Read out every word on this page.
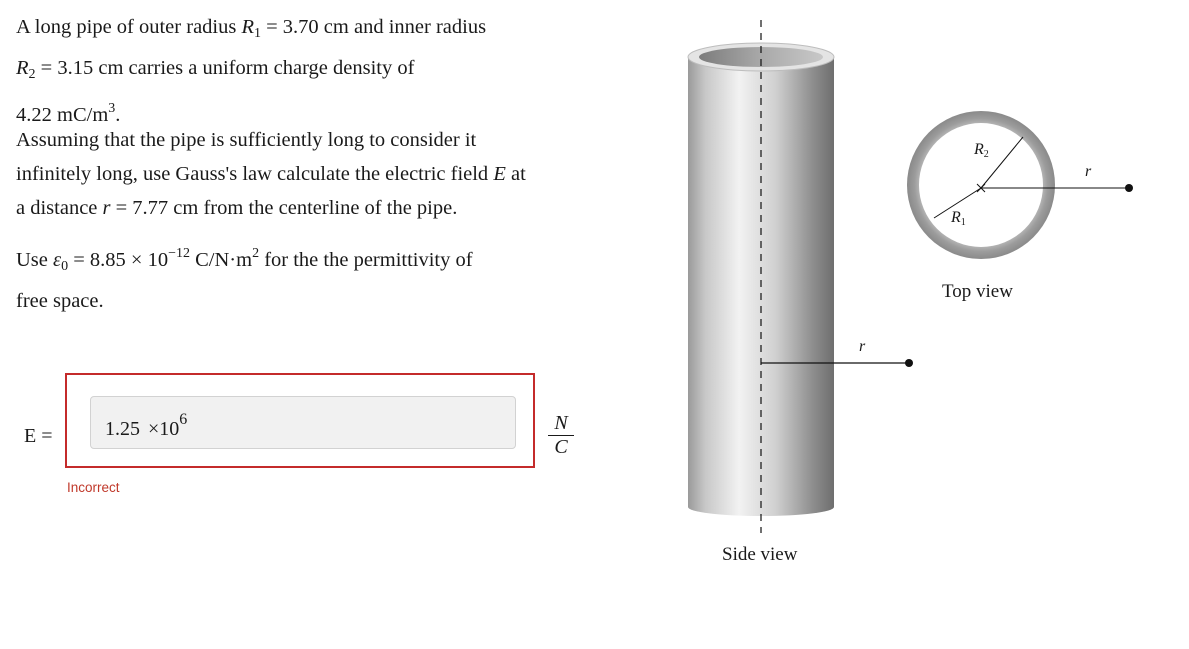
A long pipe of outer radius $R_1 = 3.70$ cm and inner radius
$R_2 = 3.15$ cm carries a uniform charge density of
4.22 $mC/m^3$.

Assuming that the pipe is sufficiently long to consider it
infinitely long, use Gauss's law calculate the electric field E at
a distance r = 7.77 cm from the centerline of the pipe.

Use $\varepsilon_0 = 8.85 \times 10^{-12}$ $C/N\cdot m^2$ for the the permittivity of
free space.

E =	$1.25 \times 10^6$	$\frac{N}{C}$
Incorrect
r
r
R2
R1
Side view
Top view
